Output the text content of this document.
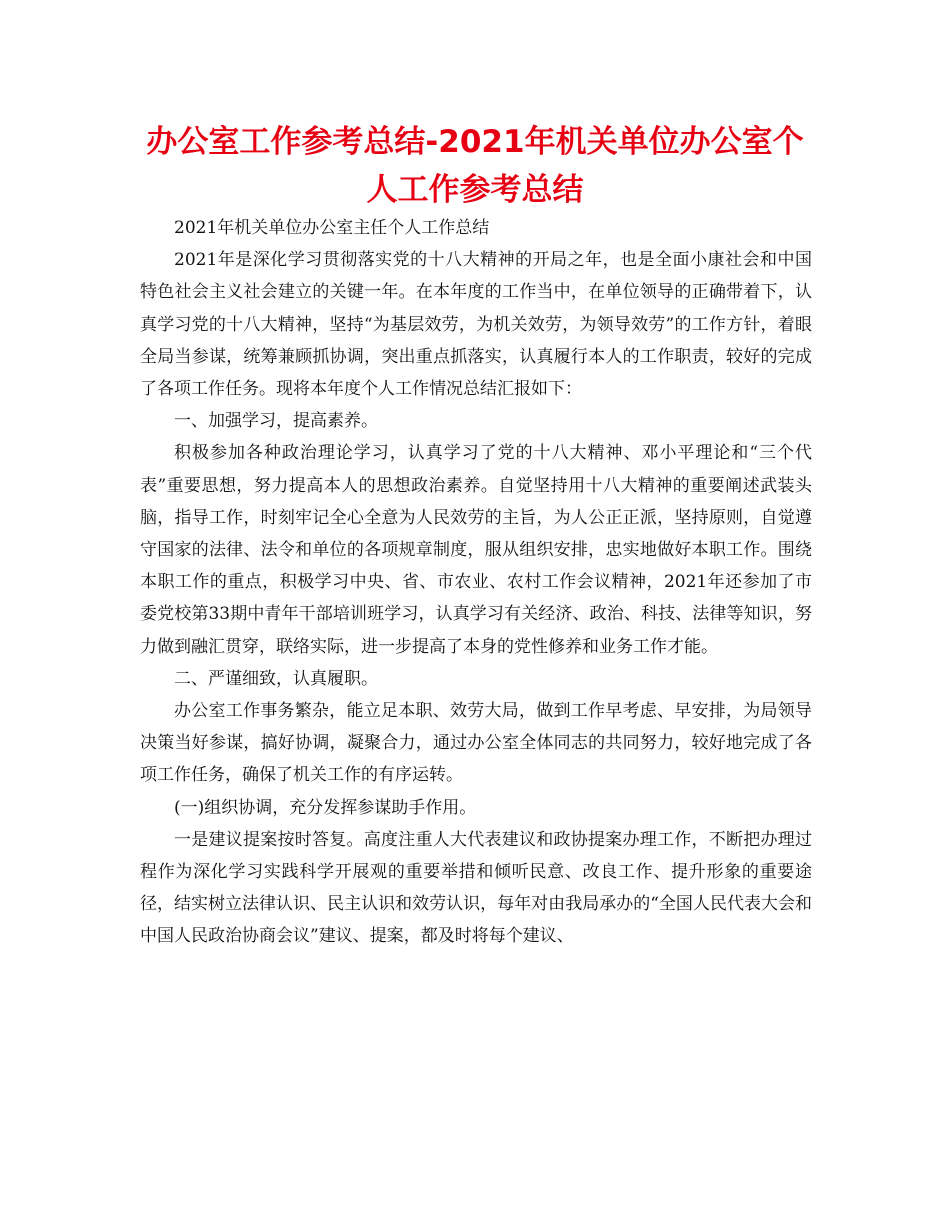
办公室工作参考总结-2021年机关单位办公室个人工作参考总结

2021年机关单位办公室主任个人工作总结

2021年是深化学习贯彻落实党的十八大精神的开局之年，也是全面小康社会和中国特色社会主义社会建立的关键一年。在本年度的工作当中，在单位领导的正确带着下，认真学习党的十八大精神，坚持“为基层效劳，为机关效劳，为领导效劳”的工作方针，着眼全局当参谋，统筹兼顾抓协调，突出重点抓落实，认真履行本人的工作职责，较好的完成了各项工作任务。现将本年度个人工作情况总结汇报如下：

一、加强学习，提高素养。

积极参加各种政治理论学习，认真学习了党的十八大精神、邓小平理论和“三个代表”重要思想，努力提高本人的思想政治素养。自觉坚持用十八大精神的重要阐述武装头脑，指导工作，时刻牢记全心全意为人民效劳的主旨，为人公正正派，坚持原则，自觉遵守国家的法律、法令和单位的各项规章制度，服从组织安排，忠实地做好本职工作。围绕本职工作的重点，积极学习中央、省、市农业、农村工作会议精神，2021年还参加了市委党校第33期中青年干部培训班学习，认真学习有关经济、政治、科技、法律等知识，努力做到融汇贯穿，联络实际，进一步提高了本身的党性修养和业务工作才能。

二、严谨细致，认真履职。

办公室工作事务繁杂，能立足本职、效劳大局，做到工作早考虑、早安排，为局领导决策当好参谋，搞好协调，凝聚合力，通过办公室全体同志的共同努力，较好地完成了各项工作任务，确保了机关工作的有序运转。

(一)组织协调，充分发挥参谋助手作用。

一是建议提案按时答复。高度注重人大代表建议和政协提案办理工作，不断把办理过程作为深化学习实践科学开展观的重要举措和倾听民意、改良工作、提升形象的重要途径，结实树立法律认识、民主认识和效劳认识，每年对由我局承办的“全国人民代表大会和中国人民政治协商会议”建议、提案，都及时将每个建议、
